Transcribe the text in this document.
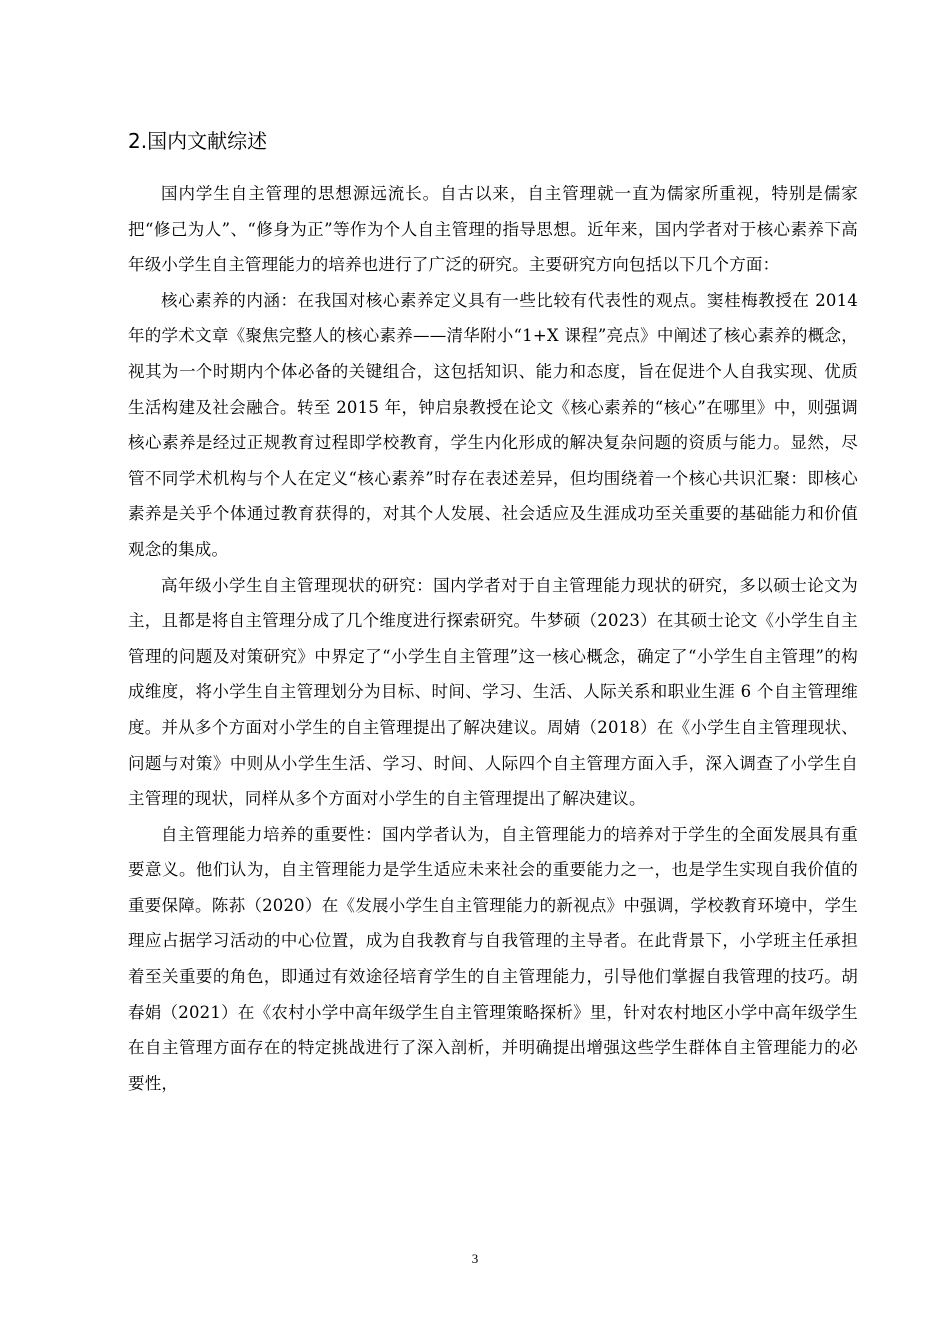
2.国内文献综述

国内学生自主管理的思想源远流长。自古以来，自主管理就一直为儒家所重视，特别是儒家把“修己为人”、“修身为正”等作为个人自主管理的指导思想。近年来，国内学者对于核心素养下高年级小学生自主管理能力的培养也进行了广泛的研究。主要研究方向包括以下几个方面：

核心素养的内涵：在我国对核心素养定义具有一些比较有代表性的观点。窦桂梅教授在 2014 年的学术文章《聚焦完整人的核心素养——清华附小“1+X 课程”亮点》中阐述了核心素养的概念，视其为一个时期内个体必备的关键组合，这包括知识、能力和态度，旨在促进个人自我实现、优质生活构建及社会融合。转至 2015 年，钟启泉教授在论文《核心素养的“核心”在哪里》中，则强调核心素养是经过正规教育过程即学校教育，学生内化形成的解决复杂问题的资质与能力。显然，尽管不同学术机构与个人在定义“核心素养”时存在表述差异，但均围绕着一个核心共识汇聚：即核心素养是关乎个体通过教育获得的，对其个人发展、社会适应及生涯成功至关重要的基础能力和价值观念的集成。

高年级小学生自主管理现状的研究：国内学者对于自主管理能力现状的研究，多以硕士论文为主，且都是将自主管理分成了几个维度进行探索研究。牛梦硕（2023）在其硕士论文《小学生自主管理的问题及对策研究》中界定了“小学生自主管理”这一核心概念，确定了“小学生自主管理”的构成维度，将小学生自主管理划分为目标、时间、学习、生活、人际关系和职业生涯 6 个自主管理维度。并从多个方面对小学生的自主管理提出了解决建议。周婧（2018）在《小学生自主管理现状、问题与对策》中则从小学生生活、学习、时间、人际四个自主管理方面入手，深入调查了小学生自主管理的现状，同样从多个方面对小学生的自主管理提出了解决建议。

自主管理能力培养的重要性：国内学者认为，自主管理能力的培养对于学生的全面发展具有重要意义。他们认为，自主管理能力是学生适应未来社会的重要能力之一，也是学生实现自我价值的重要保障。陈荪（2020）在《发展小学生自主管理能力的新视点》中强调，学校教育环境中，学生理应占据学习活动的中心位置，成为自我教育与自我管理的主导者。在此背景下，小学班主任承担着至关重要的角色，即通过有效途径培育学生的自主管理能力，引导他们掌握自我管理的技巧。胡春娟（2021）在《农村小学中高年级学生自主管理策略探析》里，针对农村地区小学中高年级学生在自主管理方面存在的特定挑战进行了深入剖析，并明确提出增强这些学生群体自主管理能力的必要性，

3
